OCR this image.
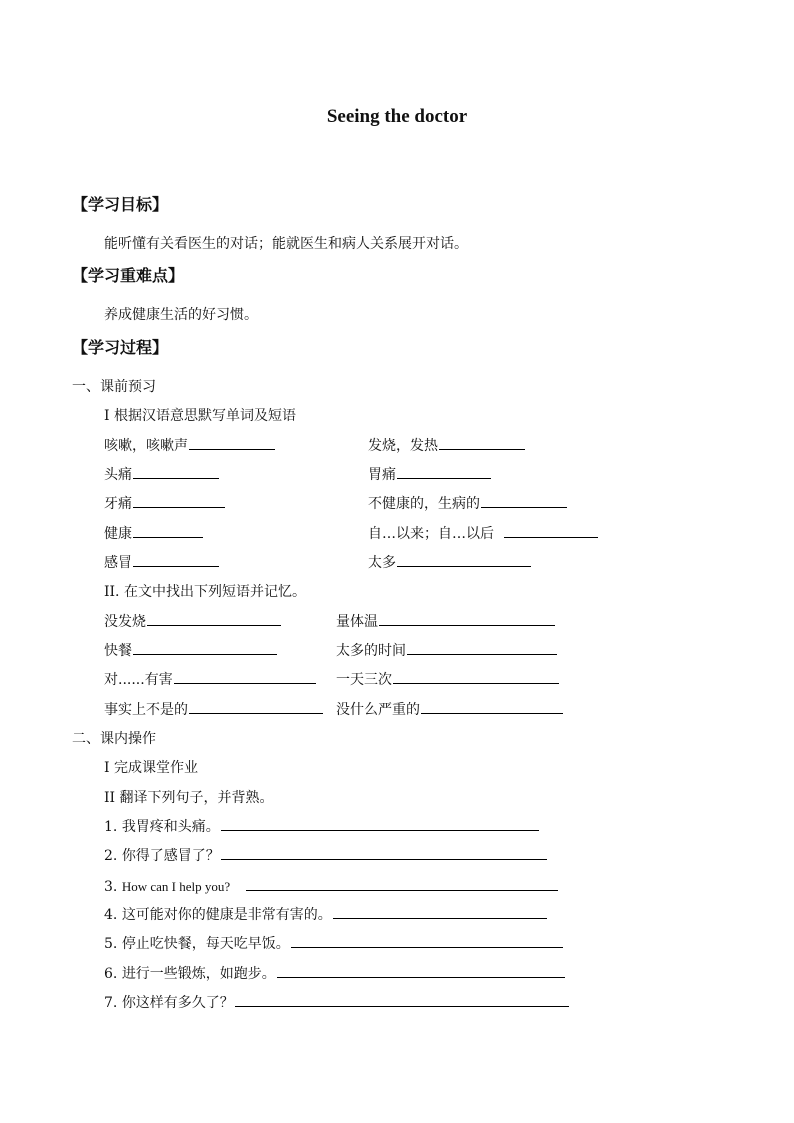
Seeing the doctor
【学习目标】
能听懂有关看医生的对话；能就医生和病人关系展开对话。
【学习重难点】
养成健康生活的好习惯。
【学习过程】
一、课前预习
I 根据汉语意思默写单词及短语
咳嗽，咳嗽声	发烧，发热
头痛	胃痛
牙痛	不健康的，生病的
健康	自…以来；自…以后
感冒	太多
II. 在文中找出下列短语并记忆。
没发烧	量体温
快餐	太多的时间
对......有害	一天三次
事实上不是的	没什么严重的
二、课内操作
I 完成课堂作业
II 翻译下列句子，并背熟。
1. 我胃疼和头痛。
2. 你得了感冒了？
3. How can I help you?
4. 这可能对你的健康是非常有害的。
5. 停止吃快餐，每天吃早饭。
6. 进行一些锻炼，如跑步。
7. 你这样有多久了？
